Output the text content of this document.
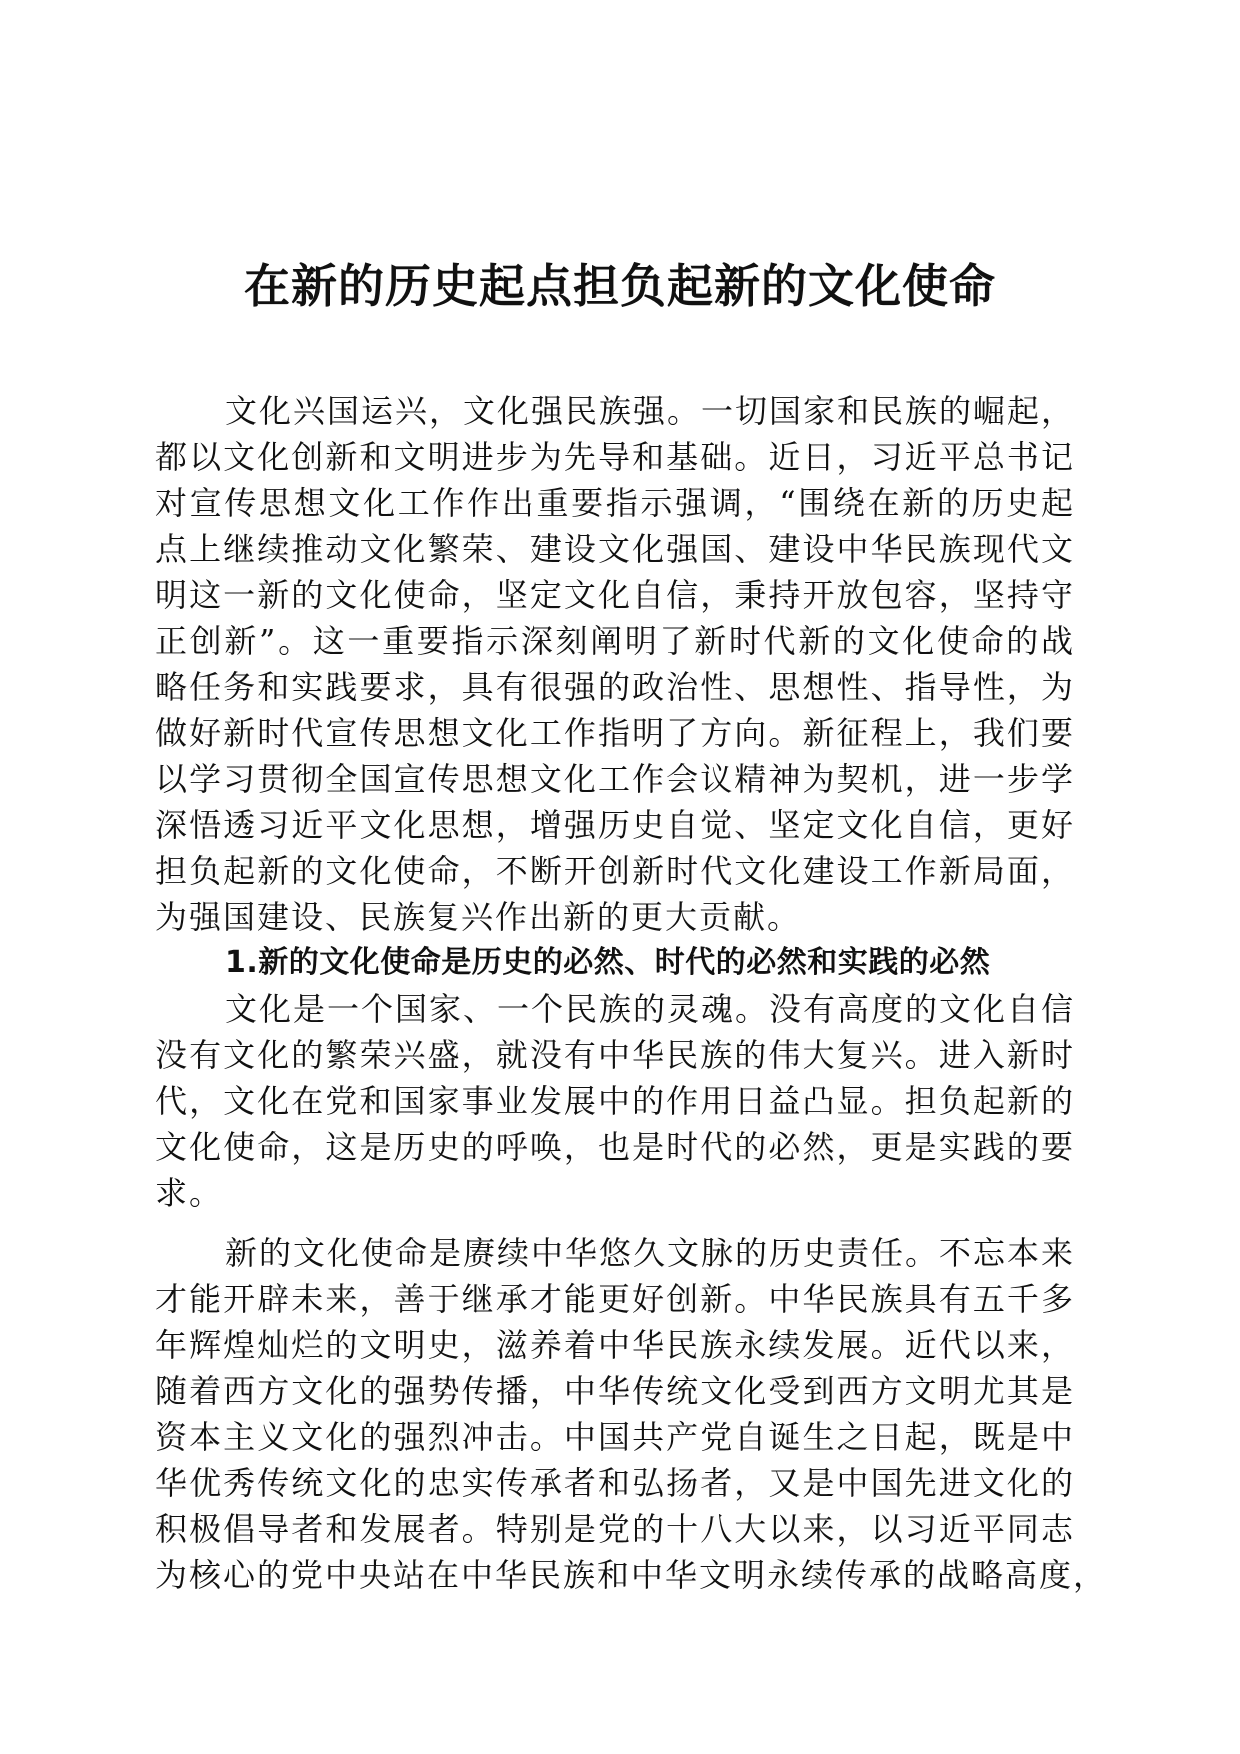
在新的历史起点担负起新的文化使命
文化兴国运兴，文化强民族强。一切国家和民族的崛起，
都以文化创新和文明进步为先导和基础。近日，习近平总书记
对宣传思想文化工作作出重要指示强调，“围绕在新的历史起
点上继续推动文化繁荣、建设文化强国、建设中华民族现代文
明这一新的文化使命，坚定文化自信，秉持开放包容，坚持守
正创新”。这一重要指示深刻阐明了新时代新的文化使命的战
略任务和实践要求，具有很强的政治性、思想性、指导性，为
做好新时代宣传思想文化工作指明了方向。新征程上，我们要
以学习贯彻全国宣传思想文化工作会议精神为契机，进一步学
深悟透习近平文化思想，增强历史自觉、坚定文化自信，更好
担负起新的文化使命，不断开创新时代文化建设工作新局面，
为强国建设、民族复兴作出新的更大贡献。
1.新的文化使命是历史的必然、时代的必然和实践的必然
文化是一个国家、一个民族的灵魂。没有高度的文化自信
没有文化的繁荣兴盛，就没有中华民族的伟大复兴。进入新时
代，文化在党和国家事业发展中的作用日益凸显。担负起新的
文化使命，这是历史的呼唤，也是时代的必然，更是实践的要
求。
新的文化使命是赓续中华悠久文脉的历史责任。不忘本来
才能开辟未来，善于继承才能更好创新。中华民族具有五千多
年辉煌灿烂的文明史，滋养着中华民族永续发展。近代以来，
随着西方文化的强势传播，中华传统文化受到西方文明尤其是
资本主义文化的强烈冲击。中国共产党自诞生之日起，既是中
华优秀传统文化的忠实传承者和弘扬者，又是中国先进文化的
积极倡导者和发展者。特别是党的十八大以来，以习近平同志
为核心的党中央站在中华民族和中华文明永续传承的战略高度，
